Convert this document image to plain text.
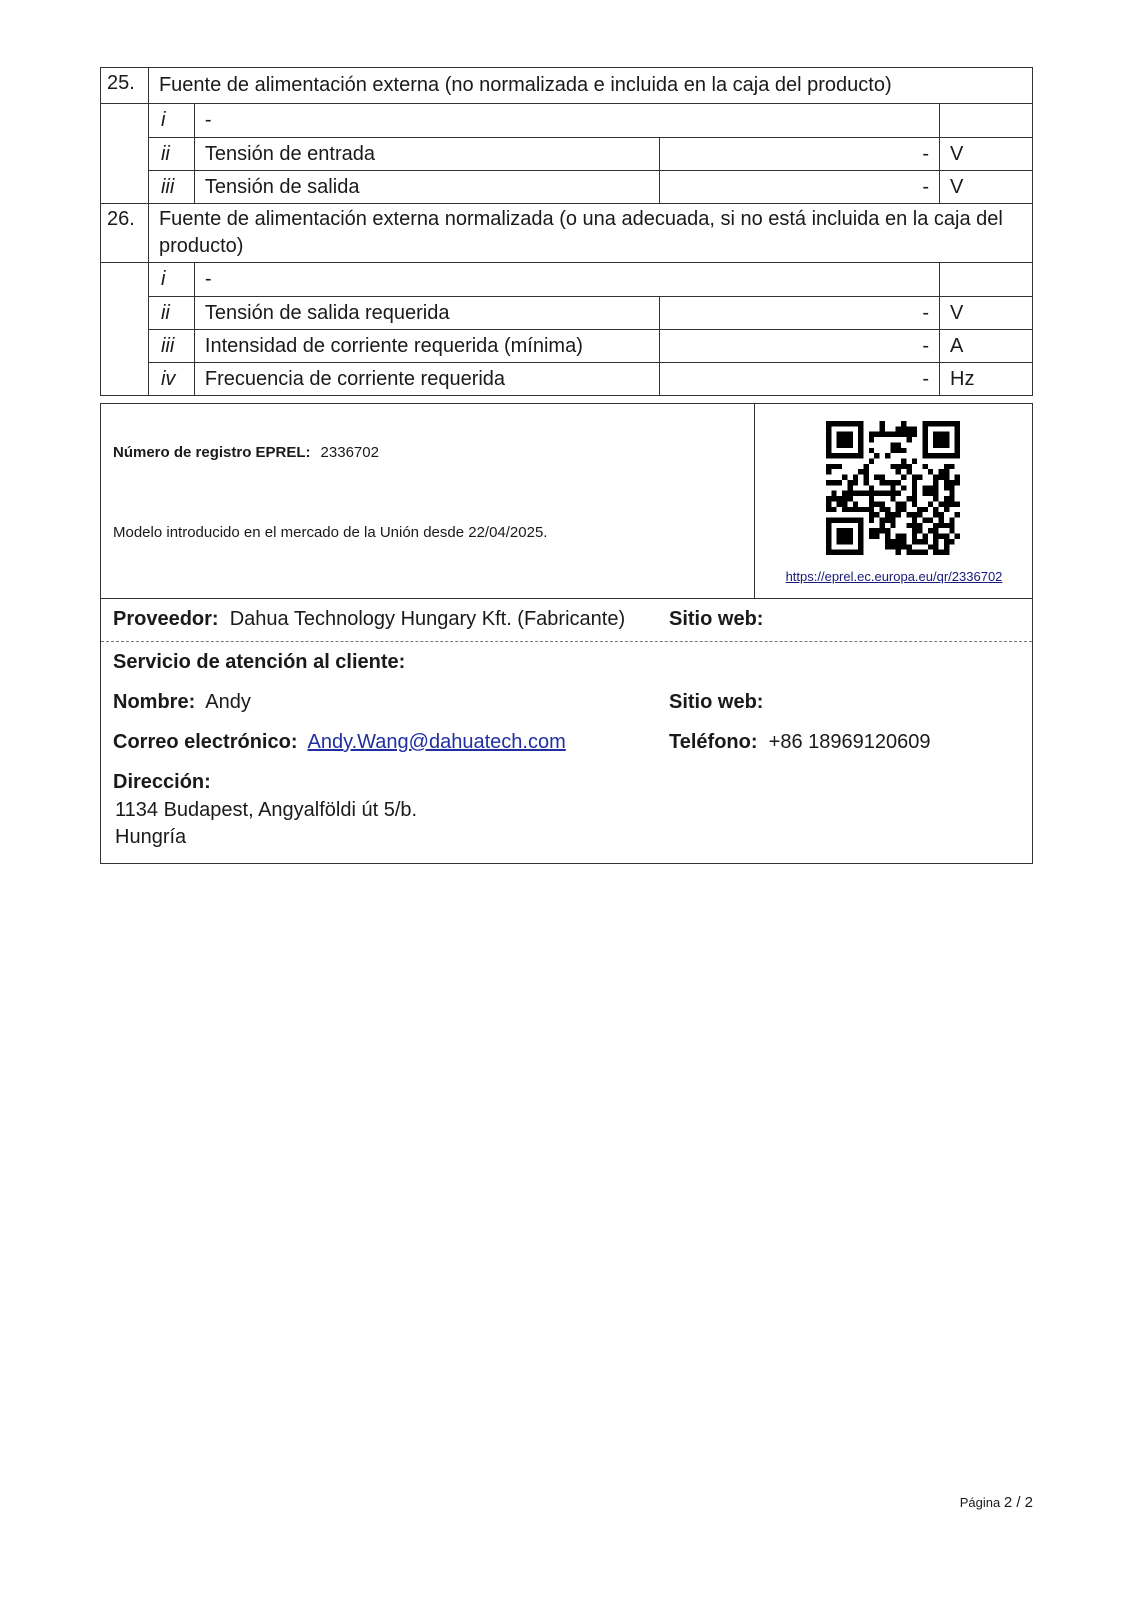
25.	Fuente de alimentación externa (no normalizada e incluida en la caja del producto)			
	i	-		
	ii	Tensión de entrada	-	V
	iii	Tensión de salida	-	V
26.	Fuente de alimentación externa normalizada (o una adecuada, si no está incluida en la caja del producto)			
	i	-		
	ii	Tensión de salida requerida	-	V
	iii	Intensidad de corriente requerida (mínima)	-	A
	iv	Frecuencia de corriente requerida	-	Hz
Número de registro EPREL: 2336702
Modelo introducido en el mercado de la Unión desde 22/04/2025.
https://eprel.ec.europa.eu/qr/2336702
Proveedor: Dahua Technology Hungary Kft. (Fabricante) Sitio web:
Servicio de atención al cliente:
Nombre: Andy	Sitio web:
Correo electrónico: Andy.Wang@dahuatech.com	Teléfono: +86 18969120609
Dirección:
1134 Budapest, Angyalföldi út 5/b.
Hungría
Página 2 / 2
